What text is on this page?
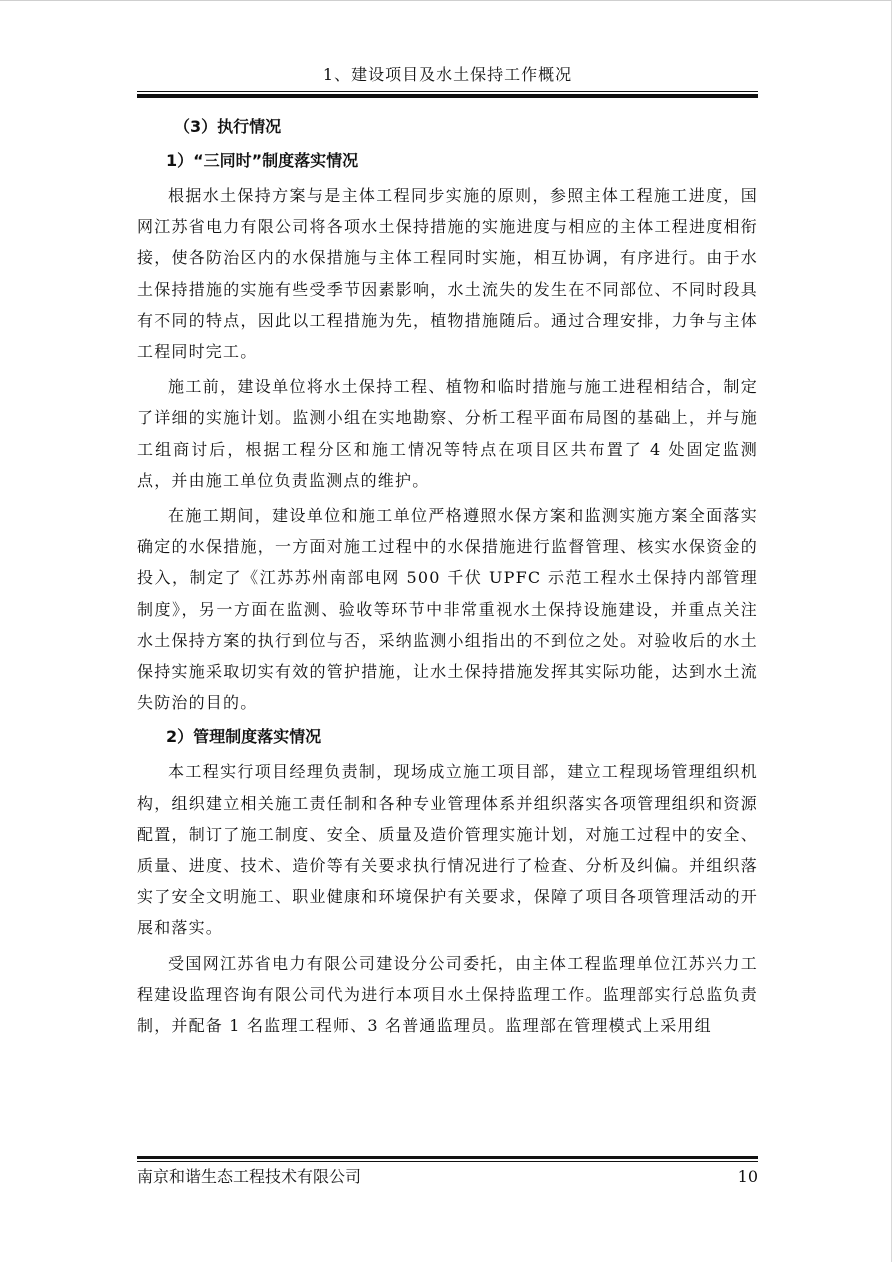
1、建设项目及水土保持工作概况
（3）执行情况
1）“三同时”制度落实情况

根据水土保持方案与是主体工程同步实施的原则，参照主体工程施工进度，国网江苏省电力有限公司将各项水土保持措施的实施进度与相应的主体工程进度相衔接，使各防治区内的水保措施与主体工程同时实施，相互协调，有序进行。由于水土保持措施的实施有些受季节因素影响，水土流失的发生在不同部位、不同时段具有不同的特点，因此以工程措施为先，植物措施随后。通过合理安排，力争与主体工程同时完工。

施工前，建设单位将水土保持工程、植物和临时措施与施工进程相结合，制定了详细的实施计划。监测小组在实地勘察、分析工程平面布局图的基础上，并与施工组商讨后，根据工程分区和施工情况等特点在项目区共布置了 4 处固定监测点，并由施工单位负责监测点的维护。

在施工期间，建设单位和施工单位严格遵照水保方案和监测实施方案全面落实确定的水保措施，一方面对施工过程中的水保措施进行监督管理、核实水保资金的投入，制定了《江苏苏州南部电网 500 千伏 UPFC 示范工程水土保持内部管理制度》，另一方面在监测、验收等环节中非常重视水土保持设施建设，并重点关注水土保持方案的执行到位与否，采纳监测小组指出的不到位之处。对验收后的水土保持实施采取切实有效的管护措施，让水土保持措施发挥其实际功能，达到水土流失防治的目的。

2）管理制度落实情况

本工程实行项目经理负责制，现场成立施工项目部，建立工程现场管理组织机构，组织建立相关施工责任制和各种专业管理体系并组织落实各项管理组织和资源配置，制订了施工制度、安全、质量及造价管理实施计划，对施工过程中的安全、质量、进度、技术、造价等有关要求执行情况进行了检查、分析及纠偏。并组织落实了安全文明施工、职业健康和环境保护有关要求，保障了项目各项管理活动的开展和落实。

受国网江苏省电力有限公司建设分公司委托，由主体工程监理单位江苏兴力工程建设监理咨询有限公司代为进行本项目水土保持监理工作。监理部实行总监负责制，并配备 1 名监理工程师、3 名普通监理员。监理部在管理模式上采用组

南京和谐生态工程技术有限公司	10
